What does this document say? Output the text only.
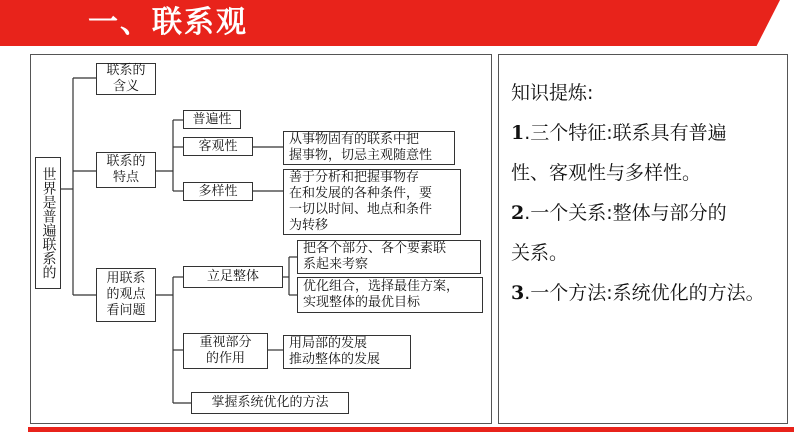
一、联系观
世界是普遍联系的
联系的
含义
联系的
特点
普遍性
客观性	从事物固有的联系中把
握事物，切忌主观随意性
多样性
善于分析和把握事物存
在和发展的各种条件，要
一切以时间、地点和条件
为转移
用联系
的观点
看问题
立足整体
把各个部分、各个要素联
系起来考察
优化组合，选择最佳方案，
实现整体的最优目标
重视部分
的作用
用局部的发展
推动整体的发展
掌握系统优化的方法

知识提炼:

1.三个特征:联系具有普遍

性、客观性与多样性。

2.一个关系:整体与部分的

关系。

3.一个方法:系统优化的方法。
